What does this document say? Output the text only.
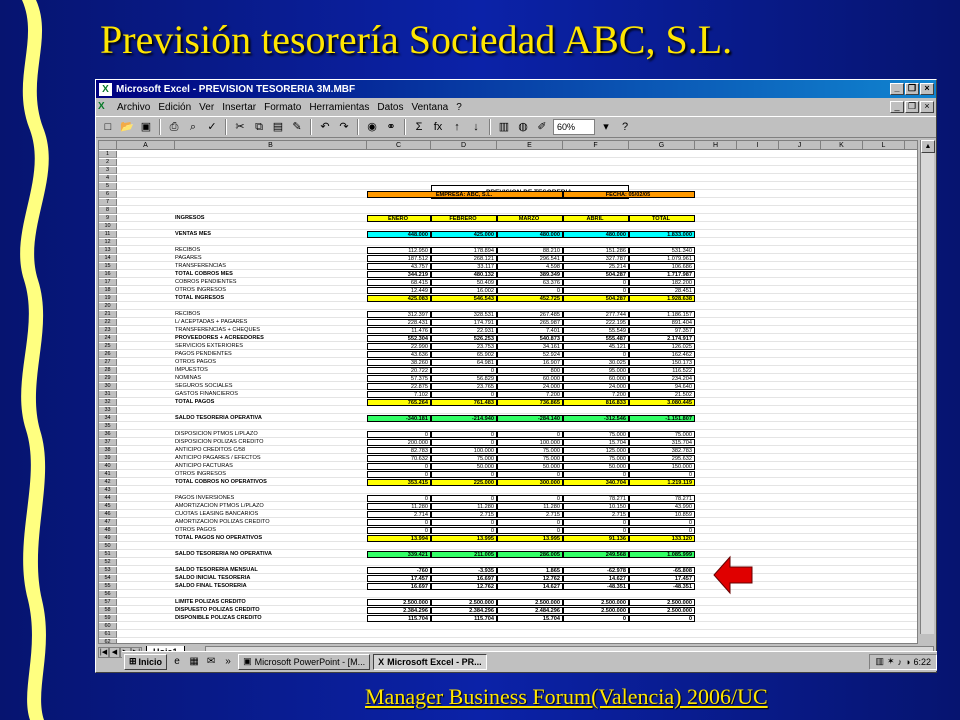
Previsión tesorería Sociedad ABC, S.L.
X Microsoft Excel - PREVISION TESORERIA 3M.MBF	_ ❐ ×
X	Archivo Edición Ver Insertar Formato Herramientas Datos Ventana ?	_ ❐ ×
□ 📂 ▣	⎙	⌕	✓	✂ ⧉ ▤ ✎	↶ ↷	◉ ⚭	Σ	fx	↑	↓	▥ ◍ ✐	60%	▾	?
A	B	C	D	E	F	G	H	I	J	K	L
1
2
3
4
5
6
7
8
9	INGRESOS	ENERO	FEBRERO	MARZO	ABRIL	TOTAL
10
11	VENTAS MES	448.000	425.000	480.000	480.000	1.833.000
12
13	RECIBOS	112.950	178.894	88.210	151.286	531.340
14	PAGARES	187.512	268.121	296.541	327.787	1.079.961
15	TRANSFERENCIAS	43.757	33.117	4.598	25.214	106.686
16	TOTAL COBROS MES	344.219	480.132	389.349	504.287	1.717.987
17	COBROS PENDIENTES	68.415	50.409	63.376	0	182.200
18	OTROS INGRESOS	12.449	16.002	0	0	28.451
19	TOTAL INGRESOS	425.083	546.543	452.725	504.287	1.928.638
20
21	RECIBOS	312.397	328.531	267.485	277.744	1.186.157
22	L/ ACEPTADAS + PAGARES	228.431	174.791	265.987	222.195	891.404
23	TRANSFERENCIAS + CHEQUES	11.476	22.931	7.401	55.549	97.357
24	PROVEEDORES + ACREEDORES	552.304	526.253	540.873	555.487	2.174.917
25	SERVICIOS EXTERIORES	22.990	23.753	34.161	45.121	126.025
26	PAGOS PENDIENTES	43.636	65.902	52.924	0	162.462
27	OTROS PAGOS	38.260	64.981	16.907	30.025	150.173
28	IMPUESTOS	20.722	0	800	95.000	116.522
29	NOMINAS	57.375	56.829	60.000	60.000	234.204
30	SEGUROS SOCIALES	22.875	23.765	24.000	24.000	94.640
31	GASTOS FINANCIEROS	7.102	0	7.200	7.200	21.502
32	TOTAL PAGOS	765.264	761.483	736.865	816.833	3.080.445
33
34	SALDO TESORERIA OPERATIVA	-340.181	-214.940	-284.140	-312.546	-1.151.807
35
36	DISPOSICION PTMOS L/PLAZO	0	0	0	75.000	75.000
37	DISPOSICION POLIZAS CREDITO	200.000	0	100.000	15.704	315.704
38	ANTICIPO CREDITOS C/58	82.783	100.000	75.000	125.000	382.783
39	ANTICIPO PAGARES / EFECTOS	70.632	75.000	75.000	75.000	295.632
40	ANTICIPO FACTURAS	0	50.000	50.000	50.000	150.000
41	OTROS INGRESOS	0	0	0	0	0
42	TOTAL COBROS NO OPERATIVOS	353.415	225.000	300.000	340.704	1.219.119
43
44	PAGOS INVERSIONES	0	0	0	78.271	78.271
45	AMORTIZACION PTMOS L/PLAZO	11.280	11.280	11.280	10.150	43.990
46	CUOTAS LEASING BANCARIOS	2.714	2.715	2.715	2.715	10.859
47	AMORTIZACION POLIZAS CREDITO	0	0	0	0	0
48	OTROS PAGOS	0	0	0	0	0
49	TOTAL PAGOS NO OPERATIVOS	13.994	13.995	13.995	91.136	133.120
50
51	SALDO TESORERIA NO OPERATIVA	339.421	211.005	286.005	249.568	1.085.999
52
53	SALDO TESORERIA MENSUAL	-760	-3.935	1.865	-62.978	-65.808
54	SALDO INICIAL TESORERIA	17.457	16.697	12.762	14.627	17.457
55	SALDO FINAL TESORERIA	16.697	12.762	14.627	-48.351	-48.351
56
57	LIMITE POLIZAS CREDITO	2.500.000	2.500.000	2.500.000	2.500.000	2.500.000
58	DISPUESTO POLIZAS CREDITO	2.384.296	2.384.296	2.484.296	2.500.000	2.500.000
59	DISPONIBLE POLIZAS CREDITO	115.704	115.704	15.704	0	0
60
61
62
EMPRESA: ABC, S.L.	FECHA: 05/02/05
▲
|◀ ◀
⊞ Inicio	e ▦ ✉	»	▣ Microsoft PowerPoint - [M... X Microsoft Excel - PR...	▥ ✶ ♪ ◑ 6:22
Manager Business Forum(Valencia) 2006/UC
